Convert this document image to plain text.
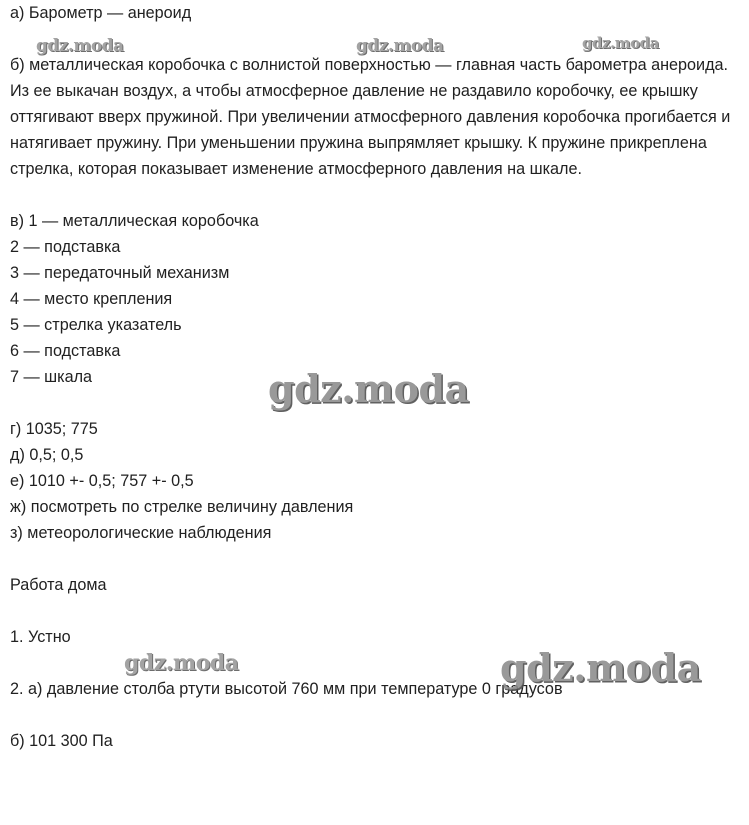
а) Барометр — анероид
б) металлическая коробочка с волнистой поверхностью — главная часть барометра анероида. Из ее выкачан воздух, а чтобы атмосферное давление не раздавило коробочку, ее крышку оттягивают вверх пружиной. При увеличении атмосферного давления коробочка прогибается и натягивает пружину. При уменьшении пружина выпрямляет крышку. К пружине прикреплена стрелка, которая показывает изменение атмосферного давления на шкале.
в) 1 — металлическая коробочка
2 — подставка
3 — передаточный механизм
4 — место крепления
5 — стрелка указатель
6 — подставка
7 — шкала
г) 1035; 775
д) 0,5; 0,5
е) 1010 +- 0,5; 757 +- 0,5
ж) посмотреть по стрелке величину давления
з) метеорологические наблюдения
Работа дома
1. Устно
2. а) давление столба ртути высотой 760 мм при температуре 0 градусов
б) 101 300 Па
gdz.moda	gdz.moda	gdz.moda
gdz.moda
gdz.moda	gdz.moda
